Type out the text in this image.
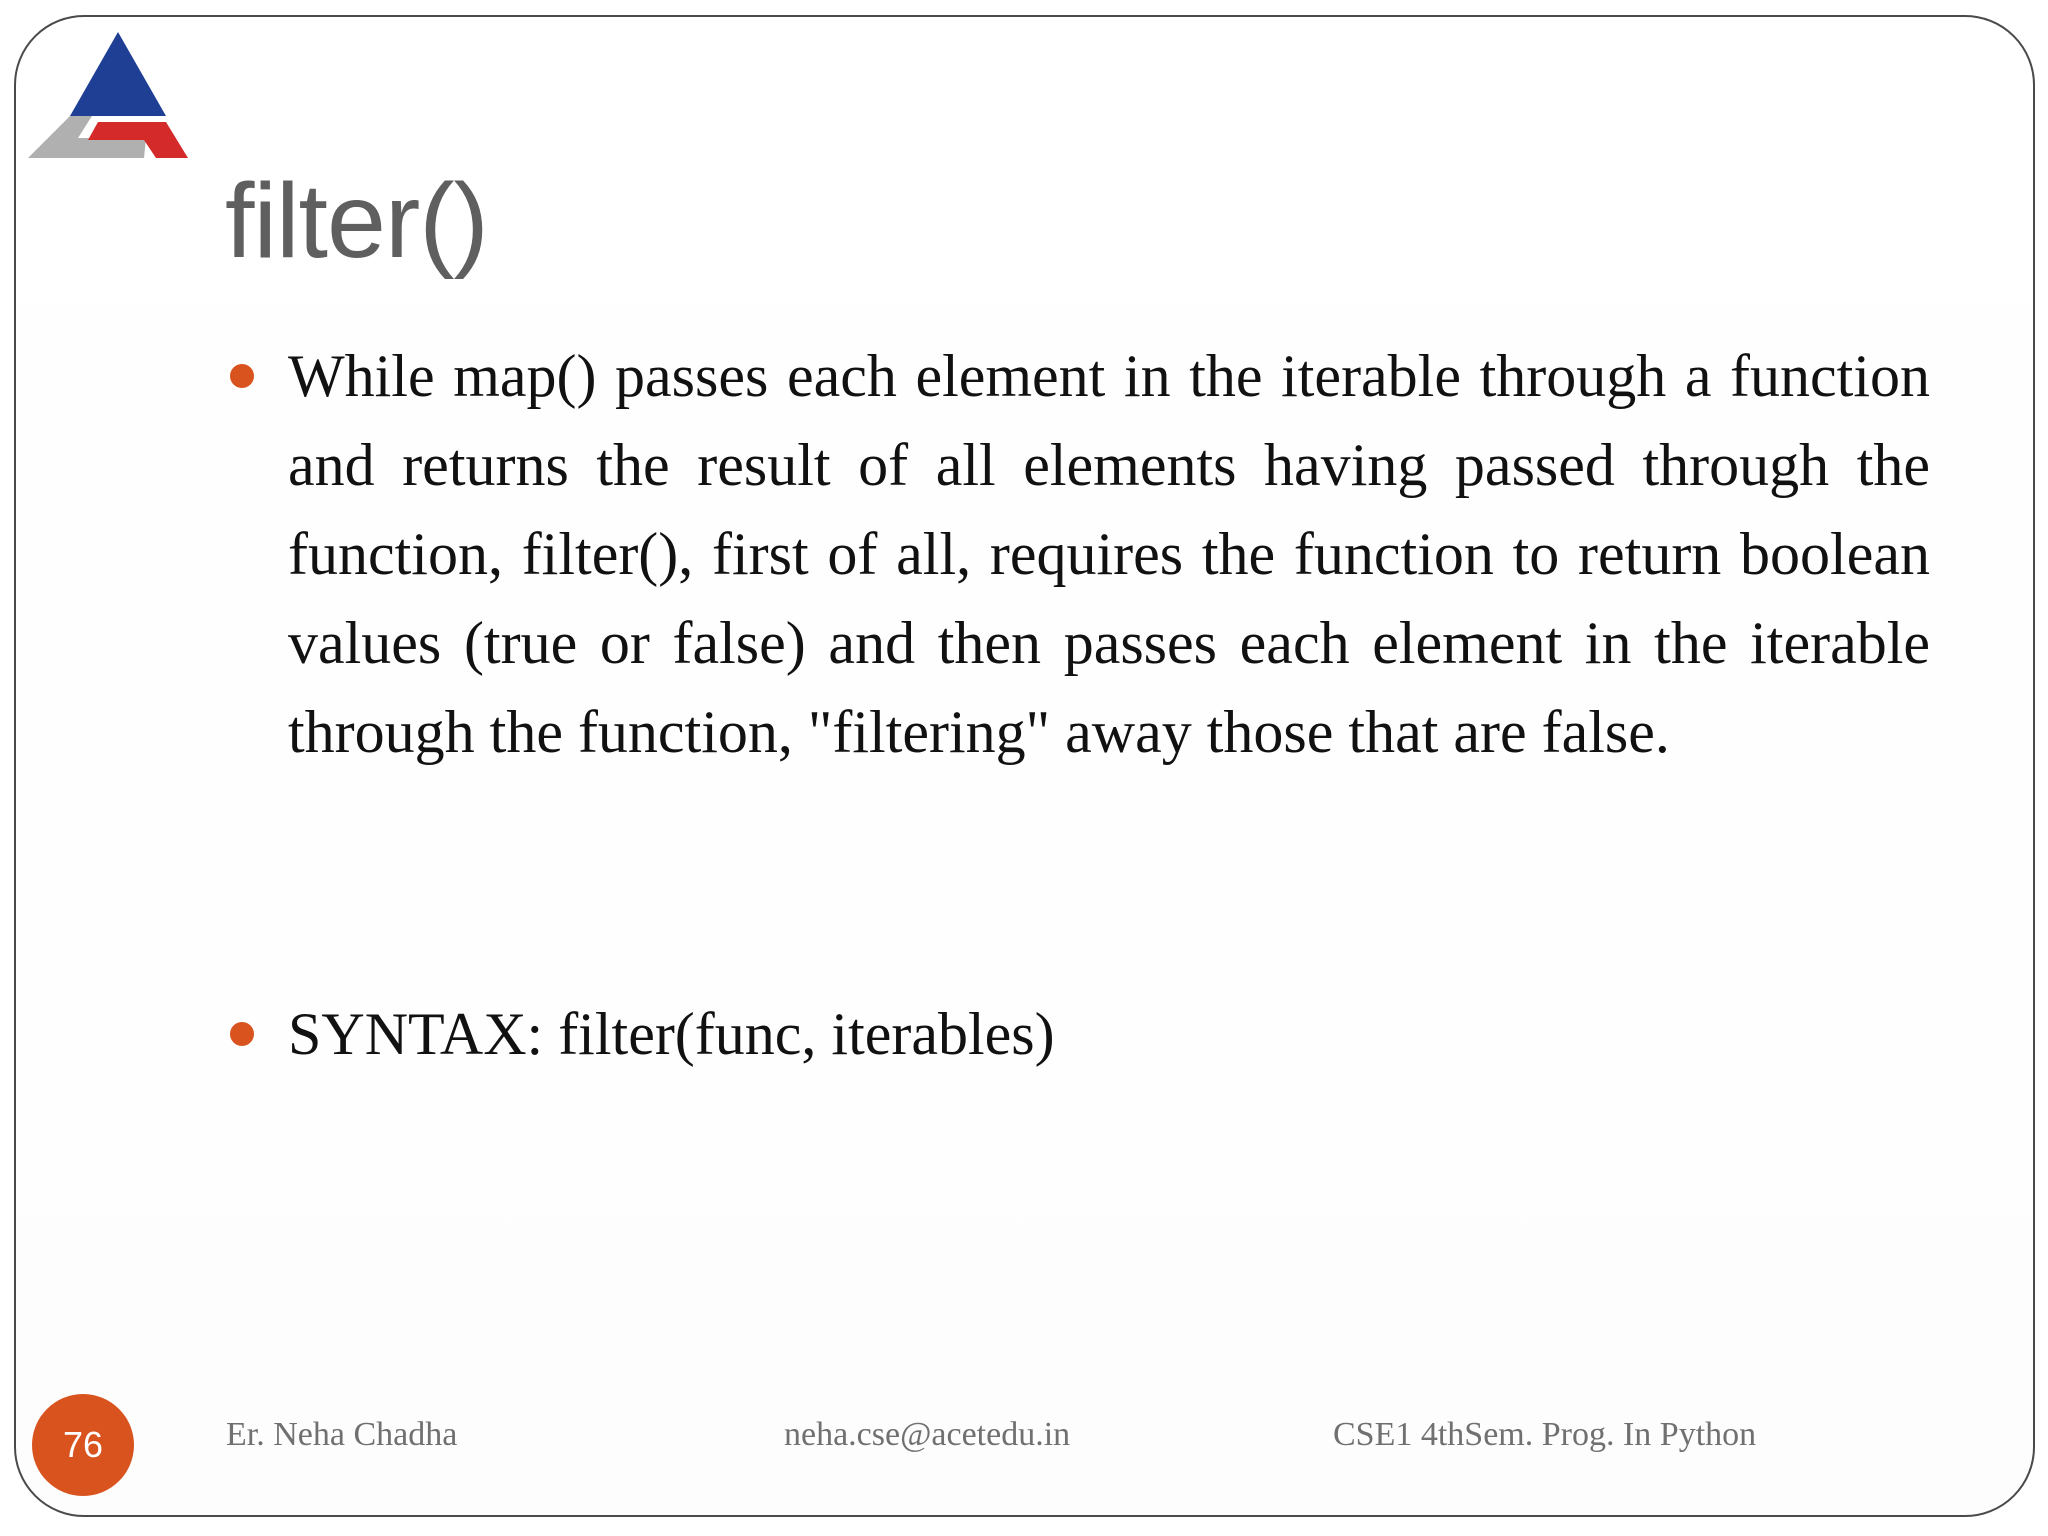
filter()

While map() passes each element in the iterable through a function and returns the result of all elements having passed through the function, filter(), first of all, requires the function to return boolean values (true or false) and then passes each element in the iterable through the function, "filtering" away those that are false.

SYNTAX: filter(func, iterables)

76	Er. Neha Chadha	neha.cse@acetedu.in	CSE1 4thSem. Prog. In Python
